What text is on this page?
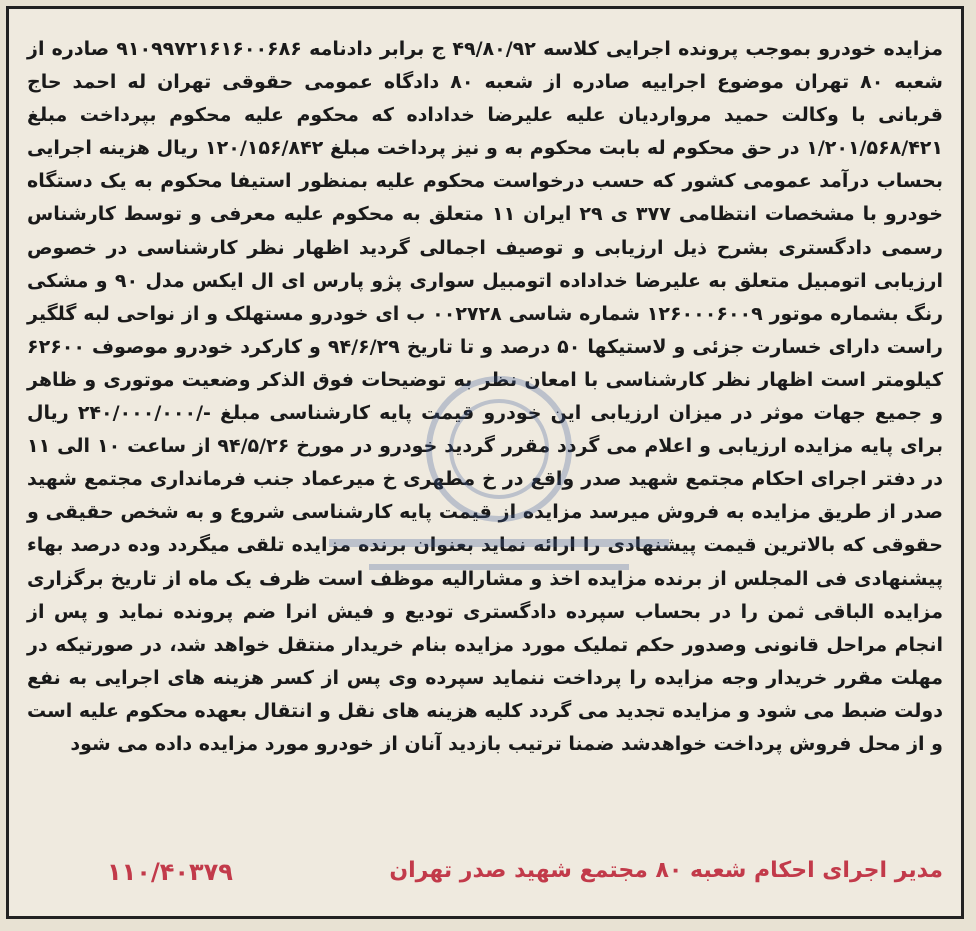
مزایده خودرو بموجب پرونده اجرایی کلاسه ۴۹/۸۰/۹۲ ج برابر دادنامه ۹۱۰۹۹۷۲۱۶۱۶۰۰۶۸۶ صادره از شعبه ۸۰ تهران موضوع اجراییه صادره از شعبه ۸۰ دادگاه عمومی حقوقی تهران له احمد حاج قربانی با وکالت حمید مرواردیان علیه علیرضا خداداده که محکوم علیه محکوم بپرداخت مبلغ ۱/۲۰۱/۵۶۸/۴۲۱ در حق محکوم له بابت محکوم به و نیز پرداخت مبلغ ۱۲۰/۱۵۶/۸۴۲ ریال هزینه اجرایی بحساب درآمد عمومی کشور که حسب درخواست محکوم علیه بمنظور استیفا محکوم به یک دستگاه خودرو با مشخصات انتظامی ۳۷۷ ی ۲۹ ایران ۱۱ متعلق به محکوم علیه معرفی و توسط کارشناس رسمی دادگستری بشرح ذیل ارزیابی و توصیف اجمالی گردید اظهار نظر کارشناسی در خصوص ارزیابی اتومبیل متعلق به علیرضا خداداده اتومبیل سواری پژو پارس ای ال ایکس مدل ۹۰ و مشکی رنگ بشماره موتور ۱۲۶۰۰۰۶۰۰۹ شماره شاسی ۰۰۲۷۲۸ ب ای خودرو مستهلک و از نواحی لبه گلگیر راست دارای خسارت جزئی و لاستیکها ۵۰ درصد و تا تاریخ ۹۴/۶/۲۹ و کارکرد خودرو موصوف ۶۲۶۰۰ کیلومتر است اظهار نظر کارشناسی با امعان نظر به توضیحات فوق الذکر وضعیت موتوری و ظاهر و جمیع جهات موثر در میزان ارزیابی این خودرو قیمت پایه کارشناسی مبلغ -/۲۴۰/۰۰۰/۰۰۰ ریال برای پایه مزایده ارزیابی و اعلام می گردد مقرر گردید خودرو در مورخ ۹۴/۵/۲۶ از ساعت ۱۰ الی ۱۱ در دفتر اجرای احکام مجتمع شهید صدر واقع در خ مطهری خ میرعماد جنب فرمانداری مجتمع شهید صدر از طریق مزایده به فروش میرسد مزایده از قیمت پایه کارشناسی شروع و به شخص حقیقی و حقوقی که بالاترین قیمت پیشنهادی را ارائه نماید بعنوان برنده مزایده تلقی میگردد وده درصد بهاء پیشنهادی فی المجلس از برنده مزایده اخذ و مشارالیه موظف است ظرف یک ماه از تاریخ برگزاری مزایده الباقی ثمن را در بحساب سپرده دادگستری تودیع و فیش انرا ضم پرونده نماید و پس از انجام مراحل قانونی وصدور حکم تملیک مورد مزایده بنام خریدار منتقل خواهد شد، در صورتیکه در مهلت مقرر خریدار وجه مزایده را پرداخت ننماید سپرده وی پس از کسر هزینه های اجرایی به نفع دولت ضبط می شود و مزایده تجدید می گردد کلیه هزینه های نقل و انتقال بعهده محکوم علیه است و از محل فروش پرداخت خواهدشد ضمنا ترتیب بازدید آنان از خودرو مورد مزایده داده می شود

مدیر اجرای احکام شعبه ۸۰ مجتمع شهید صدر تهران
۱۱۰/۴۰۳۷۹
